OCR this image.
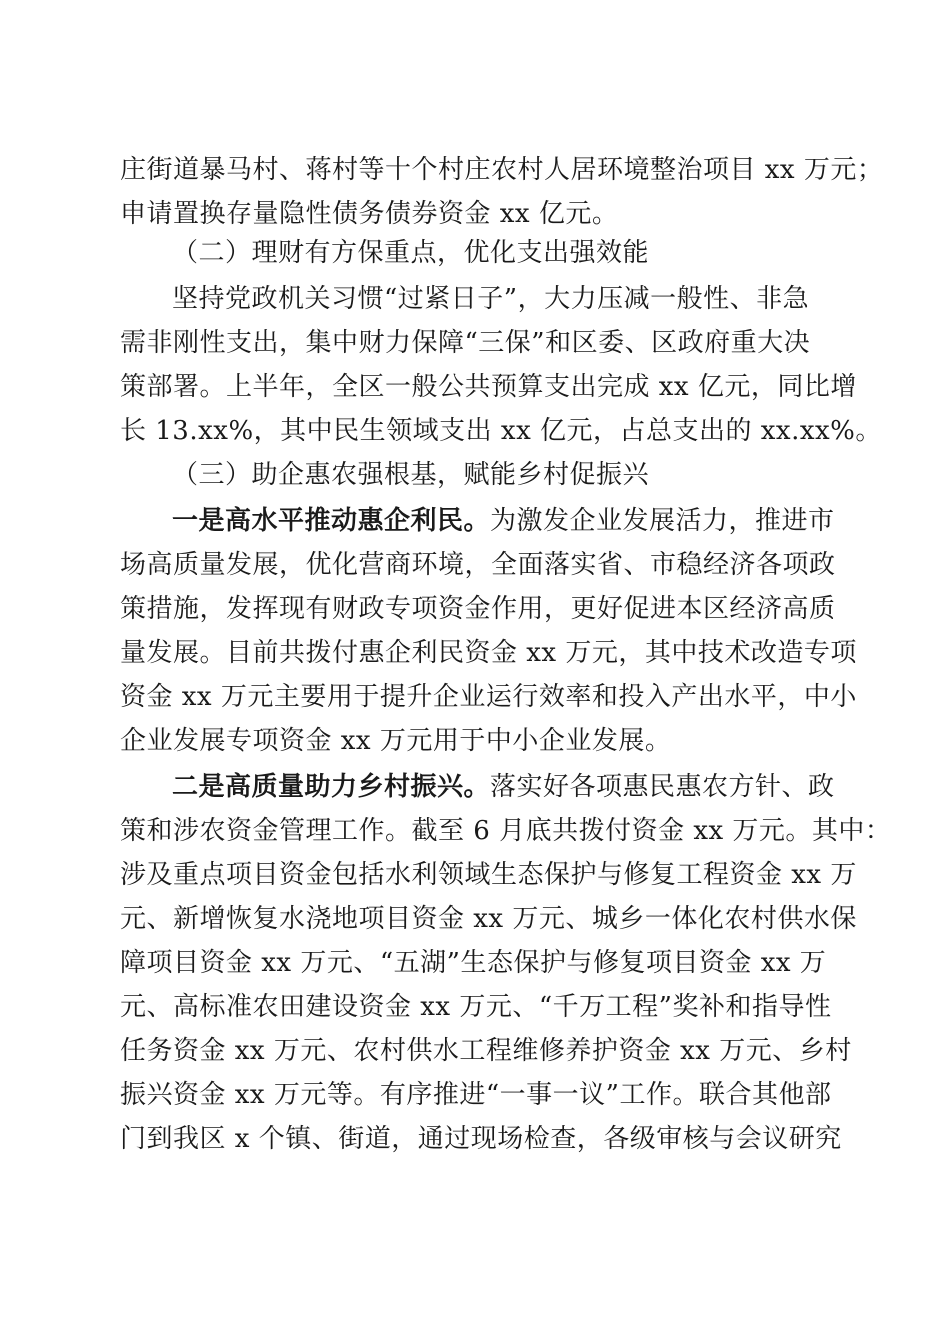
庄街道暴马村、蒋村等十个村庄农村人居环境整治项目 xx 万元；
申请置换存量隐性债务债券资金 xx 亿元。
（二）理财有方保重点，优化支出强效能
坚持党政机关习惯“过紧日子”，大力压减一般性、非急
需非刚性支出，集中财力保障“三保”和区委、区政府重大决
策部署。上半年，全区一般公共预算支出完成 xx 亿元，同比增
长 13.xx%，其中民生领域支出 xx 亿元，占总支出的 xx.xx%。
（三）助企惠农强根基，赋能乡村促振兴
一是高水平推动惠企利民。为激发企业发展活力，推进市
场高质量发展，优化营商环境，全面落实省、市稳经济各项政
策措施，发挥现有财政专项资金作用，更好促进本区经济高质
量发展。目前共拨付惠企利民资金 xx 万元，其中技术改造专项
资金 xx 万元主要用于提升企业运行效率和投入产出水平，中小
企业发展专项资金 xx 万元用于中小企业发展。
二是高质量助力乡村振兴。落实好各项惠民惠农方针、政
策和涉农资金管理工作。截至 6 月底共拨付资金 xx 万元。其中：
涉及重点项目资金包括水利领域生态保护与修复工程资金 xx 万
元、新增恢复水浇地项目资金 xx 万元、城乡一体化农村供水保
障项目资金 xx 万元、“五湖”生态保护与修复项目资金 xx 万
元、高标准农田建设资金 xx 万元、“千万工程”奖补和指导性
任务资金 xx 万元、农村供水工程维修养护资金 xx 万元、乡村
振兴资金 xx 万元等。有序推进“一事一议”工作。联合其他部
门到我区 x 个镇、街道，通过现场检查，各级审核与会议研究
